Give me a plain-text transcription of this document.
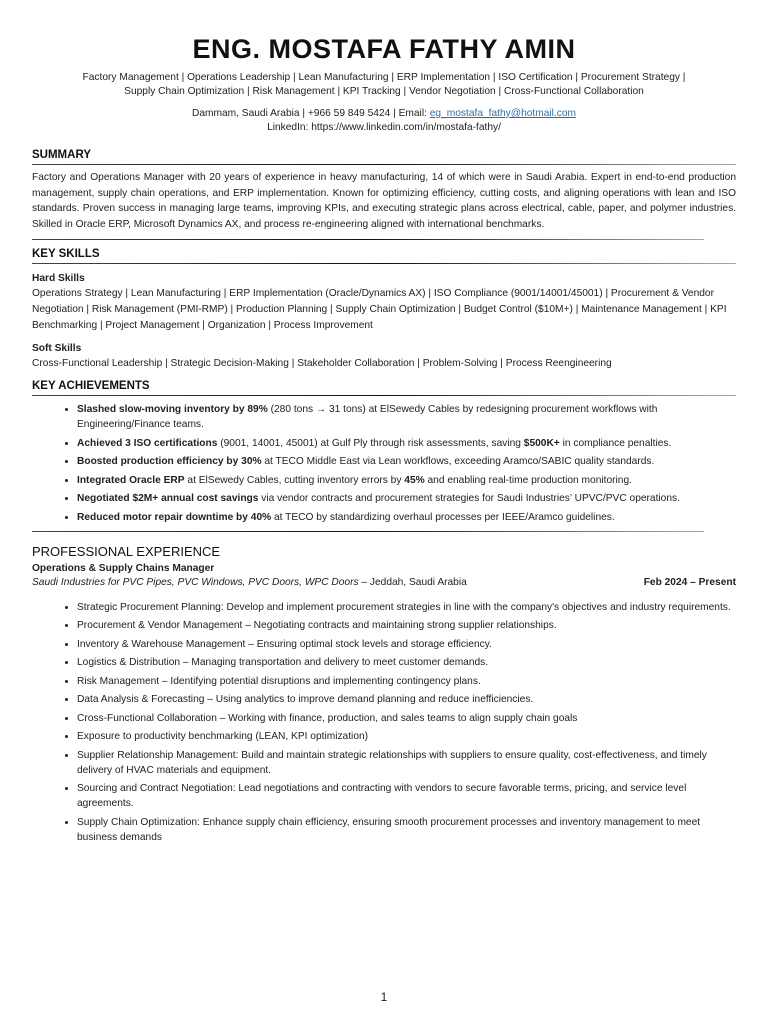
ENG. MOSTAFA FATHY AMIN
Factory Management | Operations Leadership | Lean Manufacturing | ERP Implementation | ISO Certification | Procurement Strategy |
Supply Chain Optimization | Risk Management | KPI Tracking | Vendor Negotiation | Cross-Functional Collaboration
Dammam, Saudi Arabia | +966 59 849 5424 | Email: eg_mostafa_fathy@hotmail.com
LinkedIn: https://www.linkedin.com/in/mostafa-fathy/
SUMMARY
Factory and Operations Manager with 20 years of experience in heavy manufacturing, 14 of which were in Saudi Arabia. Expert in end-to-end production management, supply chain operations, and ERP implementation. Known for optimizing efficiency, cutting costs, and aligning operations with lean and ISO standards. Proven success in managing large teams, improving KPIs, and executing strategic plans across electrical, cable, paper, and polymer industries. Skilled in Oracle ERP, Microsoft Dynamics AX, and process re-engineering aligned with international benchmarks.
KEY SKILLS
Hard Skills
Operations Strategy | Lean Manufacturing | ERP Implementation (Oracle/Dynamics AX) | ISO Compliance (9001/14001/45001) | Procurement & Vendor Negotiation | Risk Management (PMI-RMP) | Production Planning | Supply Chain Optimization | Budget Control ($10M+) | Maintenance Management | KPI Benchmarking | Project Management | Organization | Process Improvement
Soft Skills
Cross-Functional Leadership | Strategic Decision-Making | Stakeholder Collaboration | Problem-Solving | Process Reengineering
KEY ACHIEVEMENTS
• Slashed slow-moving inventory by 89% (280 tons → 31 tons) at ElSewedy Cables by redesigning procurement workflows with Engineering/Finance teams.
• Achieved 3 ISO certifications (9001, 14001, 45001) at Gulf Ply through risk assessments, saving $500K+ in compliance penalties.
• Boosted production efficiency by 30% at TECO Middle East via Lean workflows, exceeding Aramco/SABIC quality standards.
• Integrated Oracle ERP at ElSewedy Cables, cutting inventory errors by 45% and enabling real-time production monitoring.
• Negotiated $2M+ annual cost savings via vendor contracts and procurement strategies for Saudi Industries’ UPVC/PVC operations.
• Reduced motor repair downtime by 40% at TECO by standardizing overhaul processes per IEEE/Aramco guidelines.
PROFESSIONAL EXPERIENCE
Operations & Supply Chains Manager
Saudi Industries for PVC Pipes, PVC Windows, PVC Doors, WPC Doors – Jeddah, Saudi Arabia	Feb 2024 – Present
• Strategic Procurement Planning: Develop and implement procurement strategies in line with the company's objectives and industry requirements.
• Procurement & Vendor Management – Negotiating contracts and maintaining strong supplier relationships.
• Inventory & Warehouse Management – Ensuring optimal stock levels and storage efficiency.
• Logistics & Distribution – Managing transportation and delivery to meet customer demands.
• Risk Management – Identifying potential disruptions and implementing contingency plans.
• Data Analysis & Forecasting – Using analytics to improve demand planning and reduce inefficiencies.
• Cross-Functional Collaboration – Working with finance, production, and sales teams to align supply chain goals
• Exposure to productivity benchmarking (LEAN, KPI optimization)
• Supplier Relationship Management: Build and maintain strategic relationships with suppliers to ensure quality, cost-effectiveness, and timely delivery of HVAC materials and equipment.
• Sourcing and Contract Negotiation: Lead negotiations and contracting with vendors to secure favorable terms, pricing, and service level agreements.
• Supply Chain Optimization: Enhance supply chain efficiency, ensuring smooth procurement processes and inventory management to meet business demands
1
